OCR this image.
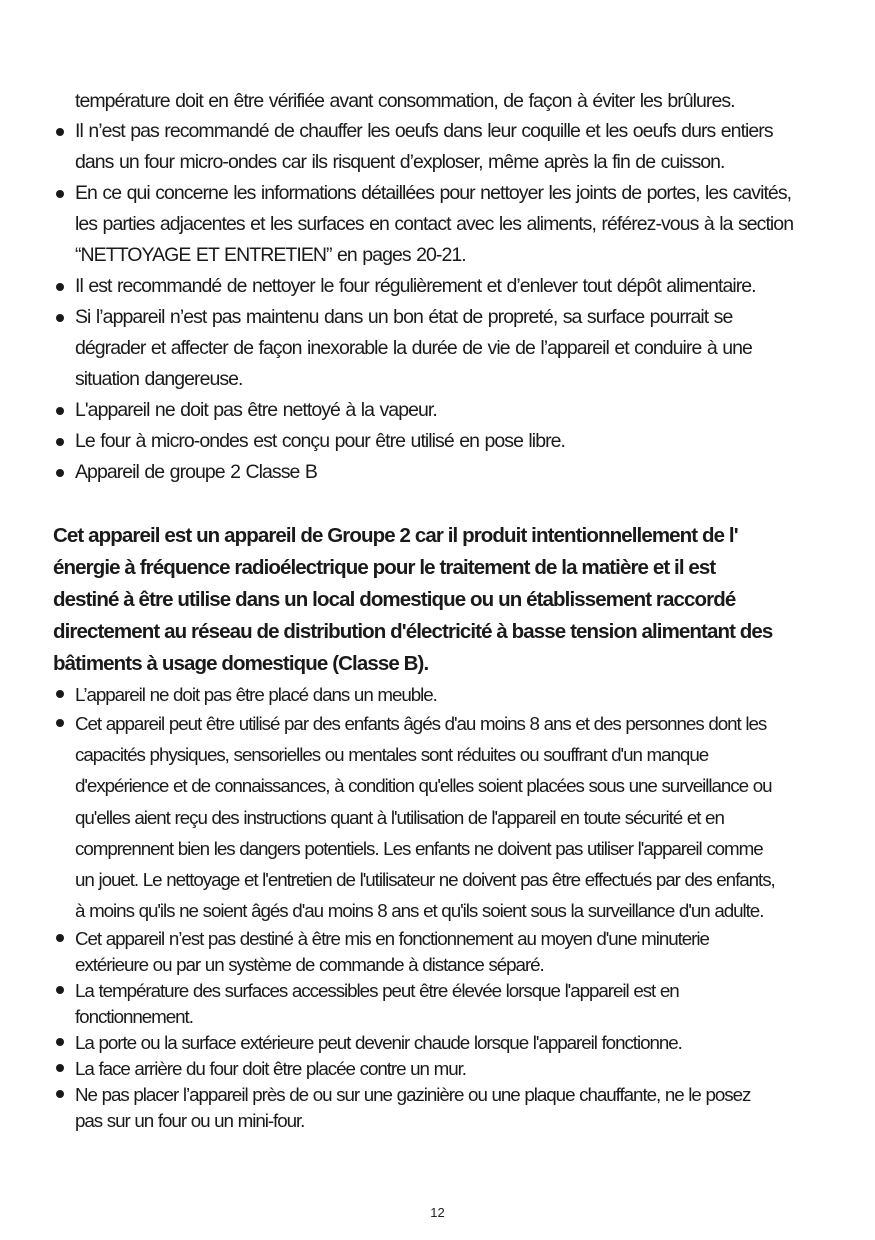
température doit en être vérifiée avant consommation, de façon à éviter les brûlures.
Il n’est pas recommandé de chauffer les oeufs dans leur coquille et les oeufs durs entiers
dans un four micro-ondes car ils risquent d’exploser, même après la fin de cuisson.
En ce qui concerne les informations détaillées pour nettoyer les joints de portes, les cavités,
les parties adjacentes et les surfaces en contact avec les aliments, référez-vous à la section
“NETTOYAGE ET ENTRETIEN” en pages 20-21.
Il est recommandé de nettoyer le four régulièrement et d’enlever tout dépôt alimentaire.
Si l’appareil n’est pas maintenu dans un bon état de propreté, sa surface pourrait se
dégrader et affecter de façon inexorable la durée de vie de l’appareil et conduire à une
situation dangereuse.
L'appareil ne doit pas être nettoyé à la vapeur.
Le four à micro-ondes est conçu pour être utilisé en pose libre.
Appareil de groupe 2 Classe B
Cet appareil est un appareil de Groupe 2 car il produit intentionnellement de l'
énergie à fréquence radioélectrique pour le traitement de la matière et il est
destiné à être utilise dans un local domestique ou un établissement raccordé
directement au réseau de distribution d'électricité à basse tension alimentant des
bâtiments à usage domestique (Classe B).
L’appareil ne doit pas être placé dans un meuble.
Cet appareil peut être utilisé par des enfants âgés d'au moins 8 ans et des personnes dont les
capacités physiques, sensorielles ou mentales sont réduites ou souffrant d'un manque
d'expérience et de connaissances, à condition qu'elles soient placées sous une surveillance ou
qu'elles aient reçu des instructions quant à l'utilisation de l'appareil en toute sécurité et en
comprennent bien les dangers potentiels. Les enfants ne doivent pas utiliser l'appareil comme
un jouet. Le nettoyage et l'entretien de l'utilisateur ne doivent pas être effectués par des enfants,
à moins qu'ils ne soient âgés d'au moins 8 ans et qu'ils soient sous la surveillance d'un adulte.
Cet appareil n’est pas destiné à être mis en fonctionnement au moyen d'une minuterie
extérieure ou par un système de commande à distance séparé.
La température des surfaces accessibles peut être élevée lorsque l'appareil est en
fonctionnement.
La porte ou la surface extérieure peut devenir chaude lorsque l'appareil fonctionne.
La face arrière du four doit être placée contre un mur.
Ne pas placer l’appareil près de ou sur une gazinière ou une plaque chauffante, ne le posez
pas sur un four ou un mini-four.
12
